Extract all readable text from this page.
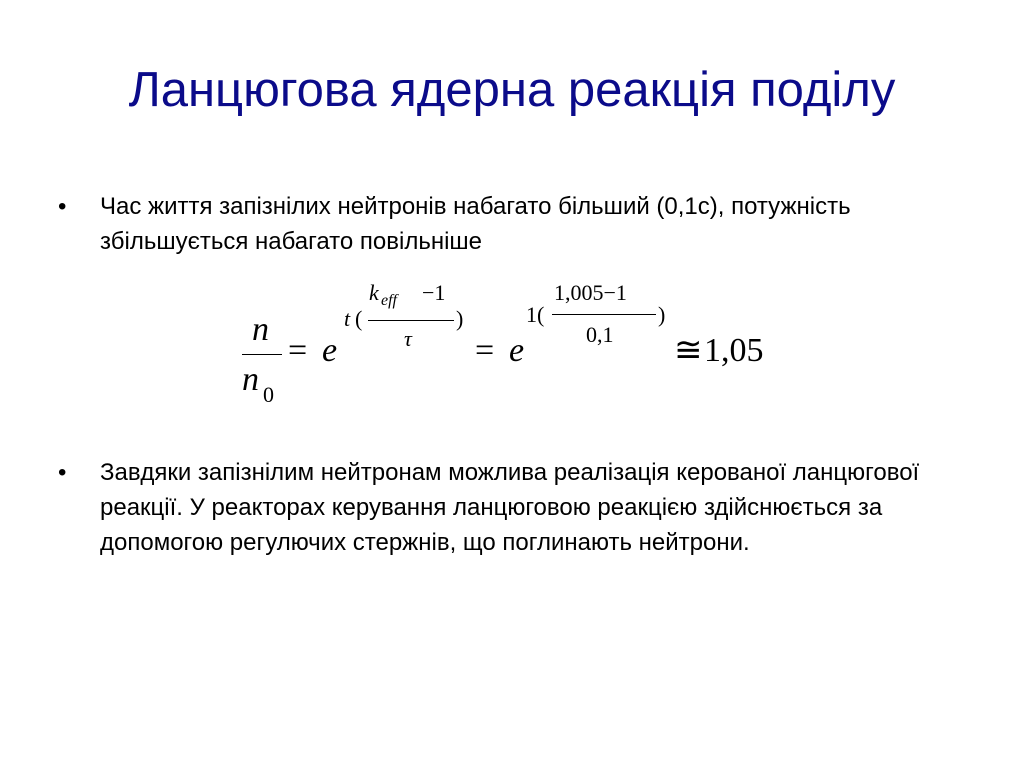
Ланцюгова ядерна реакція поділу
• Час життя запізнілих нейтронів набагато більший (0,1с), потужність збільшується набагато повільніше
n
n 0
= e
t (
k eff −1
τ
)
= e
1(
1,005−1
0,1
)
≅ 1,05
• Завдяки запізнілим нейтронам можлива реалізація керованої ланцюгової реакції. У реакторах керування ланцюговою реакцією здійснюється за допомогою регулючих стержнів, що поглинають нейтрони.
